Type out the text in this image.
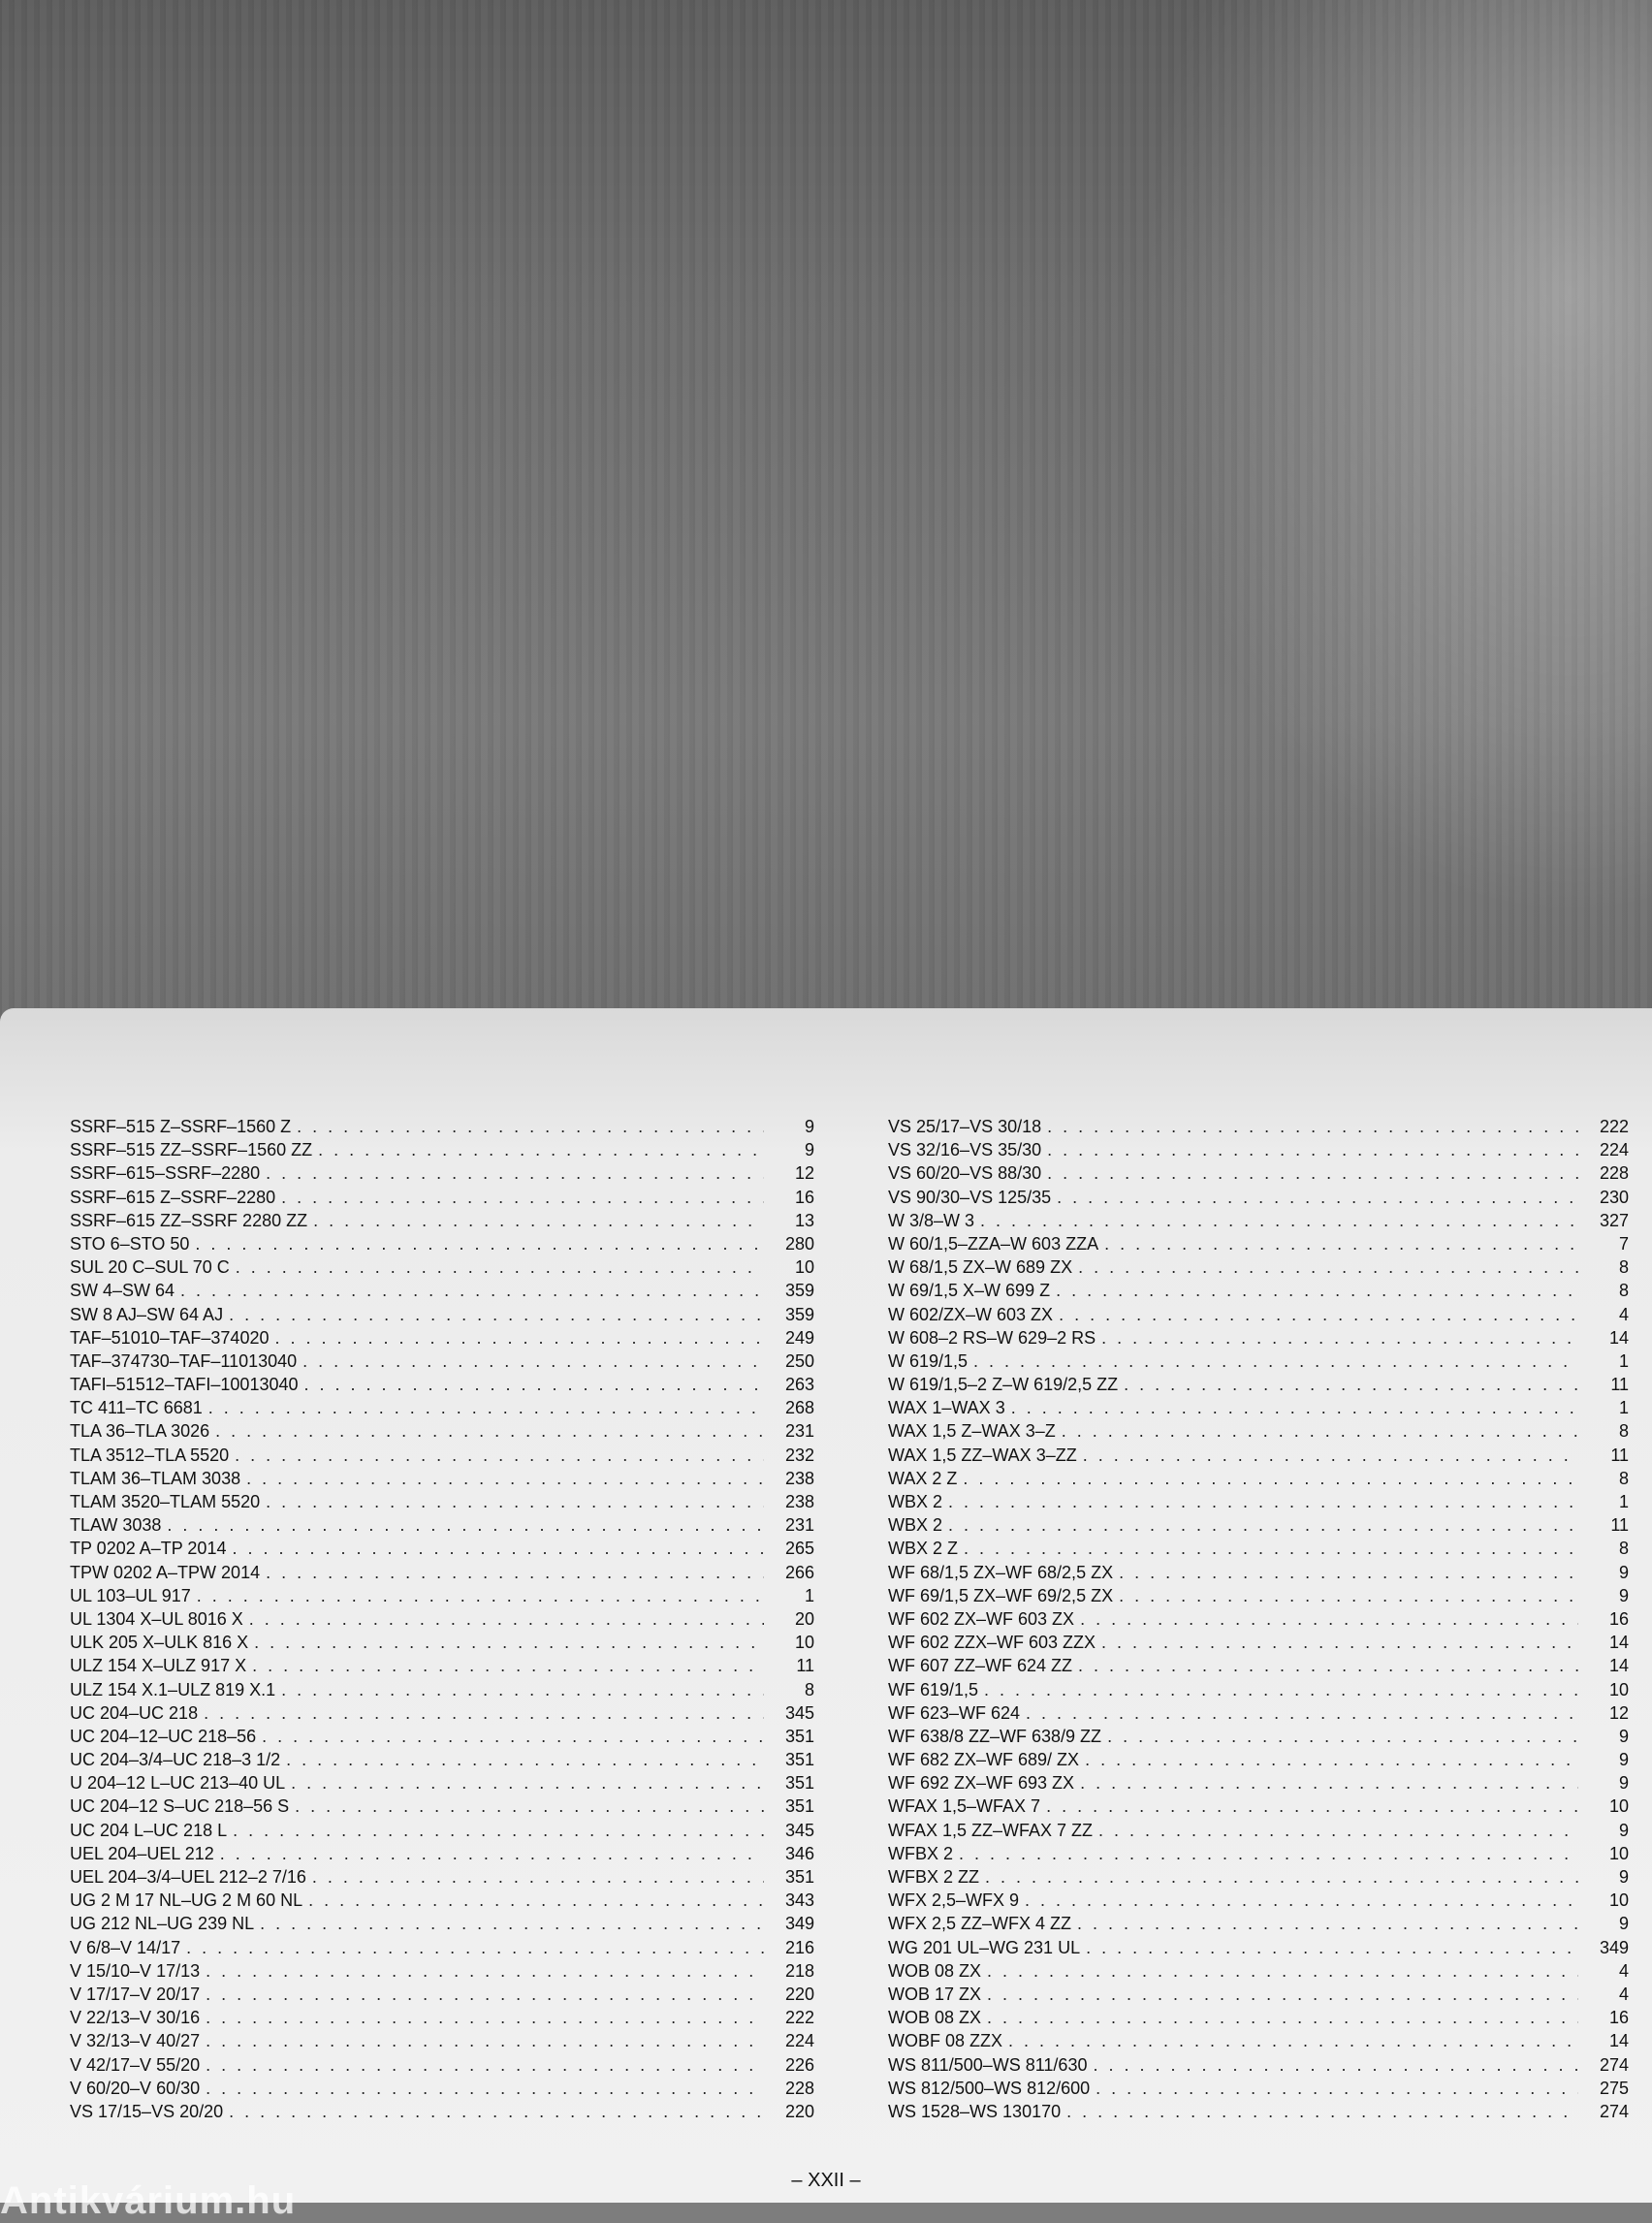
SSRF–515 Z–SSRF–1560 Z . . .	9
SSRF–515 ZZ–SSRF–1560 ZZ . . .	9
SSRF–615–SSRF–2280 . . .	12
SSRF–615 Z–SSRF–2280 . . .	16
SSRF–615 ZZ–SSRF 2280 ZZ . . .	13
STO 6–STO 50 . . .	280
SUL 20 C–SUL 70 C . . .	10
SW 4–SW 64 . . .	359
SW 8 AJ–SW 64 AJ . . .	359
TAF–51010–TAF–374020 . . .	249
TAF–374730–TAF–11013040 . . .	250
TAFI–51512–TAFI–10013040 . . .	263
TC 411–TC 6681 . . .	268
TLA 36–TLA 3026 . . .	231
TLA 3512–TLA 5520 . . .	232
TLAM 36–TLAM 3038 . . .	238
TLAM 3520–TLAM 5520 . . .	238
TLAW 3038 . . .	231
TP 0202 A–TP 2014 . . .	265
TPW 0202 A–TPW 2014 . . .	266
UL 103–UL 917 . . .	1
UL 1304 X–UL 8016 X . . .	20
ULK 205 X–ULK 816 X . . .	10
ULZ 154 X–ULZ 917 X . . .	11
ULZ 154 X.1–ULZ 819 X.1 . . .	8
UC 204–UC 218 . . .	345
UC 204–12–UC 218–56 . . .	351
UC 204–3/4–UC 218–3 1/2 . . .	351
U 204–12 L–UC 213–40 UL . . .	351
UC 204–12 S–UC 218–56 S . . .	351
UC 204 L–UC 218 L . . .	345
UEL 204–UEL 212 . . .	346
UEL 204–3/4–UEL 212–2 7/16 . . .	351
UG 2 M 17 NL–UG 2 M 60 NL . . .	343
UG 212 NL–UG 239 NL . . .	349
V 6/8–V 14/17 . . .	216
V 15/10–V 17/13 . . .	218
V 17/17–V 20/17 . . .	220
V 22/13–V 30/16 . . .	222
V 32/13–V 40/27 . . .	224
V 42/17–V 55/20 . . .	226
V 60/20–V 60/30 . . .	228
VS 17/15–VS 20/20 . . .	220
VS 25/17–VS 30/18 . . .	222
VS 32/16–VS 35/30 . . .	224
VS 60/20–VS 88/30 . . .	228
VS 90/30–VS 125/35 . . .	230
W 3/8–W 3 . . .	327
W 60/1,5–ZZA–W 603 ZZA . . .	7
W 68/1,5 ZX–W 689 ZX . . .	8
W 69/1,5 X–W 699 Z . . .	8
W 602/ZX–W 603 ZX . . .	4
W 608–2 RS–W 629–2 RS . . .	14
W 619/1,5 . . .	1
W 619/1,5–2 Z–W 619/2,5 ZZ . . .	11
WAX 1–WAX 3 . . .	1
WAX 1,5 Z–WAX 3–Z . . .	8
WAX 1,5 ZZ–WAX 3–ZZ . . .	11
WAX 2 Z . . .	8
WBX 2 . . .	1
WBX 2 . . .	11
WBX 2 Z . . .	8
WF 68/1,5 ZX–WF 68/2,5 ZX . . .	9
WF 69/1,5 ZX–WF 69/2,5 ZX . . .	9
WF 602 ZX–WF 603 ZX . . .	16
WF 602 ZZX–WF 603 ZZX . . .	14
WF 607 ZZ–WF 624 ZZ . . .	14
WF 619/1,5 . . .	10
WF 623–WF 624 . . .	12
WF 638/8 ZZ–WF 638/9 ZZ . . .	9
WF 682 ZX–WF 689/ ZX . . .	9
WF 692 ZX–WF 693 ZX . . .	9
WFAX 1,5–WFAX 7 . . .	10
WFAX 1,5 ZZ–WFAX 7 ZZ . . .	9
WFBX 2 . . .	10
WFBX 2 ZZ . . .	9
WFX 2,5–WFX 9 . . .	10
WFX 2,5 ZZ–WFX 4 ZZ . . .	9
WG 201 UL–WG 231 UL . . .	349
WOB 08 ZX . . .	4
WOB 17 ZX . . .	4
WOB 08 ZX . . .	16
WOBF 08 ZZX . . .	14
WS 811/500–WS 811/630 . . .	274
WS 812/500–WS 812/600 . . .	275
WS 1528–WS 130170 . . .	274
– XXII –
Antikvárium.hu
